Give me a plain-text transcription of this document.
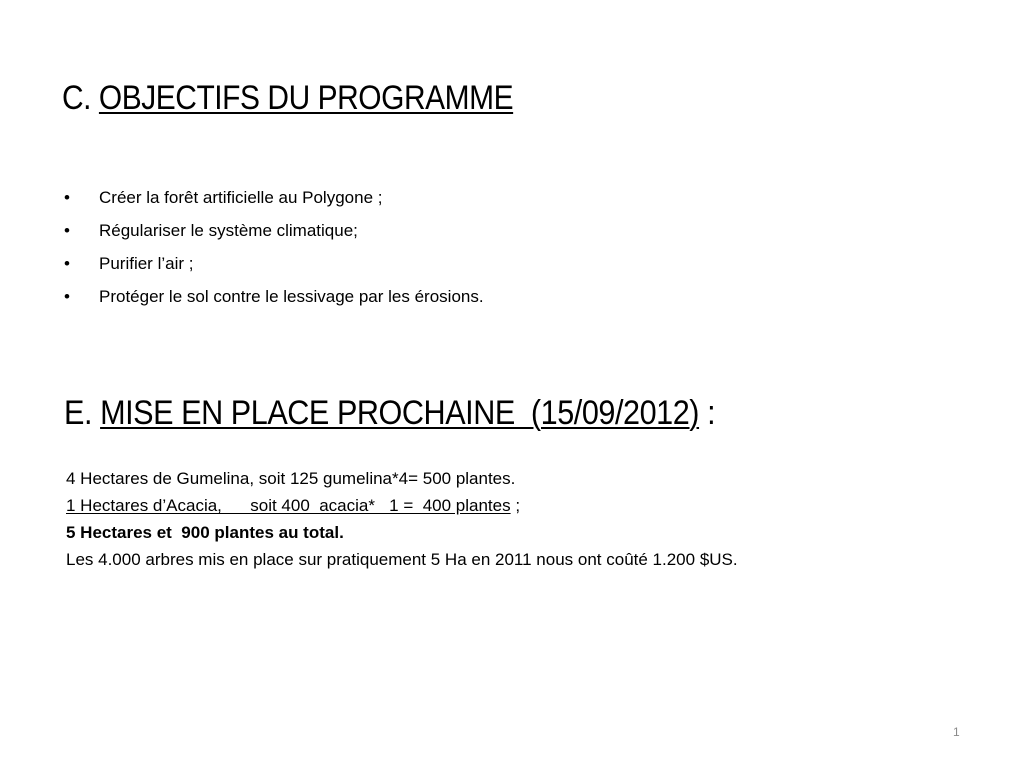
C. OBJECTIFS DU PROGRAMME
•	Créer la forêt artificielle au Polygone ;
•	Régulariser le système climatique;
•	Purifier l’air ;
•	Protéger le sol contre le lessivage par les érosions.
E. MISE EN PLACE PROCHAINE  (15/09/2012) :
4 Hectares de Gumelina, soit 125 gumelina*4= 500 plantes.
1 Hectares d’Acacia,      soit 400  acacia*   1 =  400 plantes ;
5 Hectares et  900 plantes au total.
Les 4.000 arbres mis en place sur pratiquement 5 Ha en 2011 nous ont coûté 1.200 $US.
1
